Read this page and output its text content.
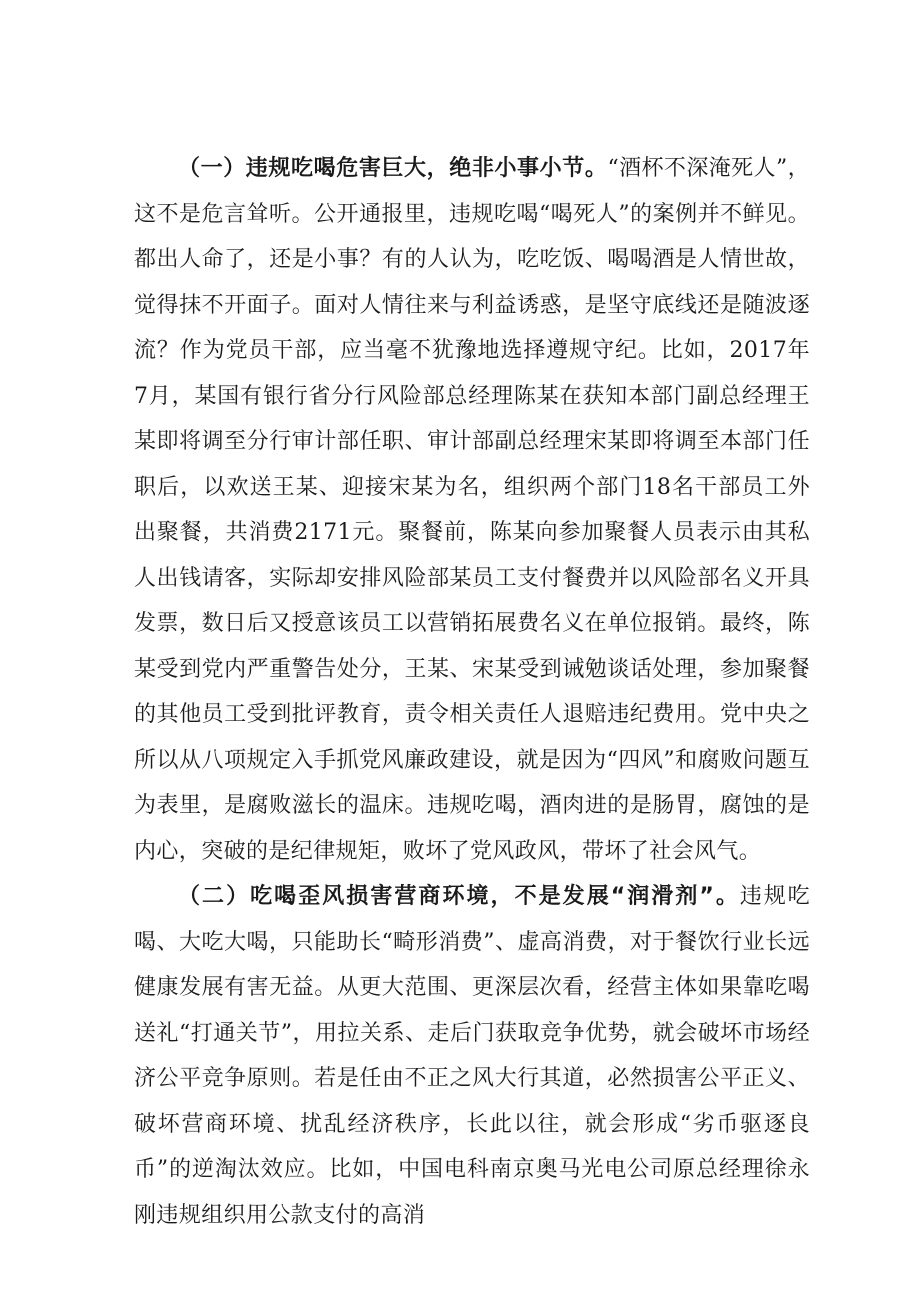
（一）违规吃喝危害巨大，绝非小事小节。“酒杯不深淹死人”，这不是危言耸听。公开通报里，违规吃喝“喝死人”的案例并不鲜见。都出人命了，还是小事？有的人认为，吃吃饭、喝喝酒是人情世故，觉得抹不开面子。面对人情往来与利益诱惑，是坚守底线还是随波逐流？作为党员干部，应当毫不犹豫地选择遵规守纪。比如，2017年7月，某国有银行省分行风险部总经理陈某在获知本部门副总经理王某即将调至分行审计部任职、审计部副总经理宋某即将调至本部门任职后，以欢送王某、迎接宋某为名，组织两个部门18名干部员工外出聚餐，共消费2171元。聚餐前，陈某向参加聚餐人员表示由其私人出钱请客，实际却安排风险部某员工支付餐费并以风险部名义开具发票，数日后又授意该员工以营销拓展费名义在单位报销。最终，陈某受到党内严重警告处分，王某、宋某受到诫勉谈话处理，参加聚餐的其他员工受到批评教育，责令相关责任人退赔违纪费用。党中央之所以从八项规定入手抓党风廉政建设，就是因为“四风”和腐败问题互为表里，是腐败滋长的温床。违规吃喝，酒肉进的是肠胃，腐蚀的是内心，突破的是纪律规矩，败坏了党风政风，带坏了社会风气。

（二）吃喝歪风损害营商环境，不是发展“润滑剂”。违规吃喝、大吃大喝，只能助长“畸形消费”、虚高消费，对于餐饮行业长远健康发展有害无益。从更大范围、更深层次看，经营主体如果靠吃喝送礼“打通关节”，用拉关系、走后门获取竞争优势，就会破坏市场经济公平竞争原则。若是任由不正之风大行其道，必然损害公平正义、破坏营商环境、扰乱经济秩序，长此以往，就会形成“劣币驱逐良币”的逆淘汰效应。比如，中国电科南京奥马光电公司原总经理徐永刚违规组织用公款支付的高消
